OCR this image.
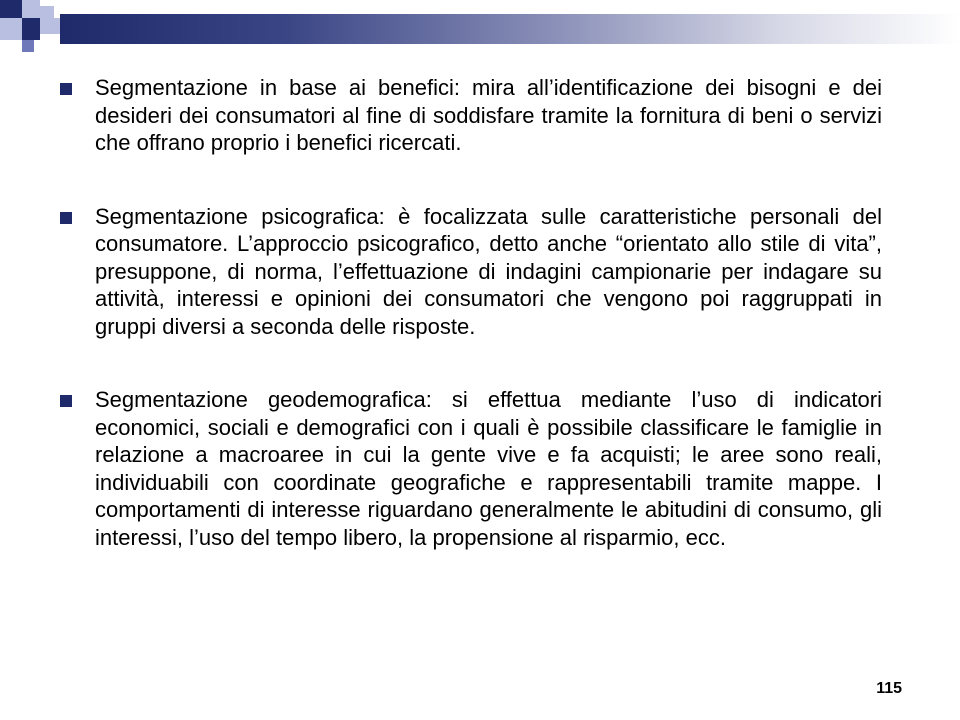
Segmentazione in base ai benefici: mira all’identificazione dei bisogni e dei desideri dei consumatori al fine di soddisfare tramite la fornitura di beni o servizi che offrano proprio i benefici ricercati.

Segmentazione psicografica: è focalizzata sulle caratteristiche personali del consumatore. L’approccio psicografico, detto anche “orientato allo stile di vita”, presuppone, di norma, l’effettuazione di indagini campionarie per indagare su attività, interessi e opinioni dei consumatori che vengono poi raggruppati in gruppi diversi a seconda delle risposte.

Segmentazione geodemografica: si effettua mediante l’uso di indicatori economici, sociali e demografici con i quali è possibile classificare le famiglie in relazione a macroaree in cui la gente vive e fa acquisti; le aree sono reali, individuabili con coordinate geografiche e rappresentabili tramite mappe. I comportamenti di interesse riguardano generalmente le abitudini di consumo, gli interessi, l’uso del tempo libero, la propensione al risparmio, ecc.

115
